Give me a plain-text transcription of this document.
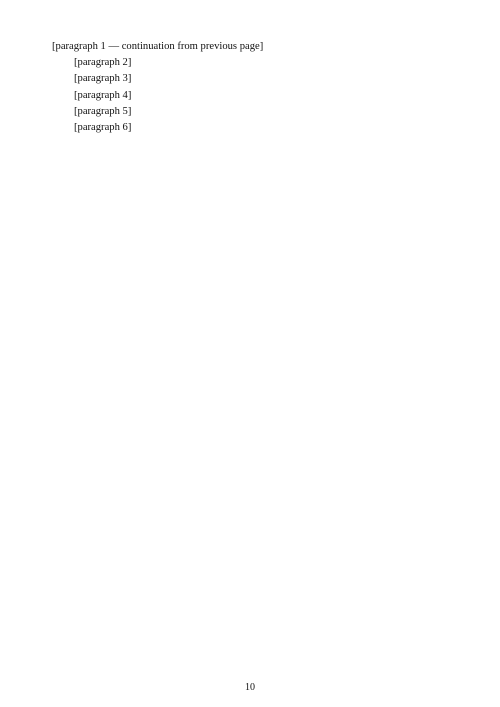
[paragraph 1 — continuation from previous page]

[paragraph 2]

[paragraph 3]

[paragraph 4]

[paragraph 5]

[paragraph 6]

10
